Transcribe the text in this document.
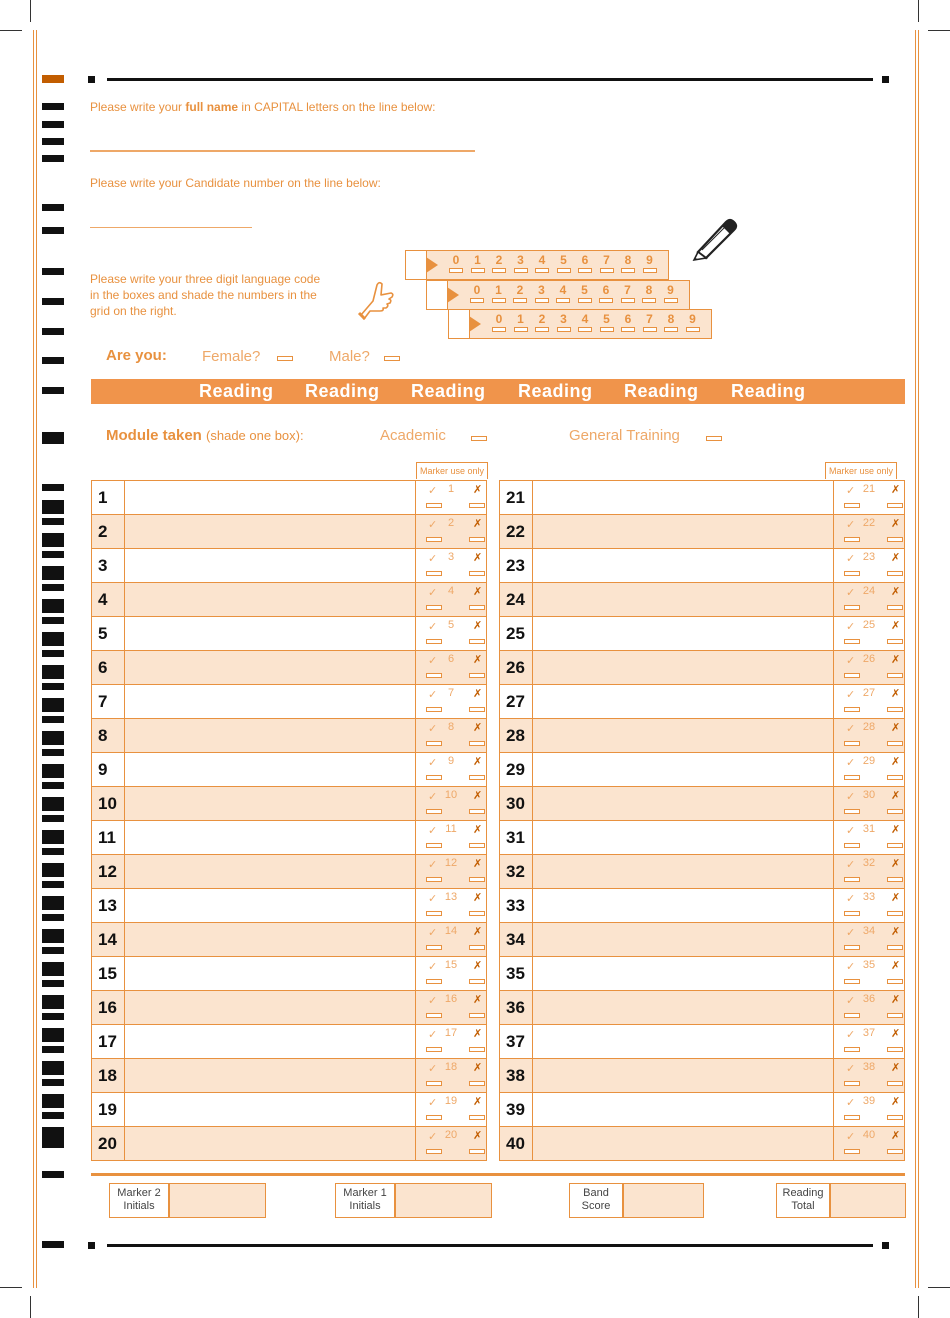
Please write your full name in CAPITAL letters on the line below:
Please write your Candidate number on the line below:
Please write your three digit language code
in the boxes and shade the numbers in the
grid on the right.
0	1	2	3	4	5	6	7	8	9
0	1	2	3	4	5	6	7	8	9
0	1	2	3	4	5	6	7	8	9
Are you: Female?	Male?
Reading Reading Reading Reading Reading Reading
Module taken (shade one box):	Academic	General Training
Marker use only	Marker use only
1		✓ 1 ✗

2		✓ 2 ✗

3		✓ 3 ✗

4		✓ 4 ✗

5		✓ 5 ✗

6		✓ 6 ✗

7		✓ 7 ✗

8		✓ 8 ✗

9		✓ 9 ✗

10		✓ 10 ✗

11		✓ 11 ✗

12		✓ 12 ✗

13		✓ 13 ✗

14		✓ 14 ✗

15		✓ 15 ✗

16		✓ 16 ✗

17		✓ 17 ✗

18		✓ 18 ✗

19		✓ 19 ✗

20		✓ 20 ✗
21		✓ 21 ✗

22		✓ 22 ✗

23		✓ 23 ✗

24		✓ 24 ✗

25		✓ 25 ✗

26		✓ 26 ✗

27		✓ 27 ✗

28		✓ 28 ✗

29		✓ 29 ✗

30		✓ 30 ✗

31		✓ 31 ✗

32		✓ 32 ✗

33		✓ 33 ✗

34		✓ 34 ✗

35		✓ 35 ✗

36		✓ 36 ✗

37		✓ 37 ✗

38		✓ 38 ✗

39		✓ 39 ✗

40		✓ 40 ✗
Marker 2
Initials
Marker 1
Initials
Band
Score
Reading
Total
